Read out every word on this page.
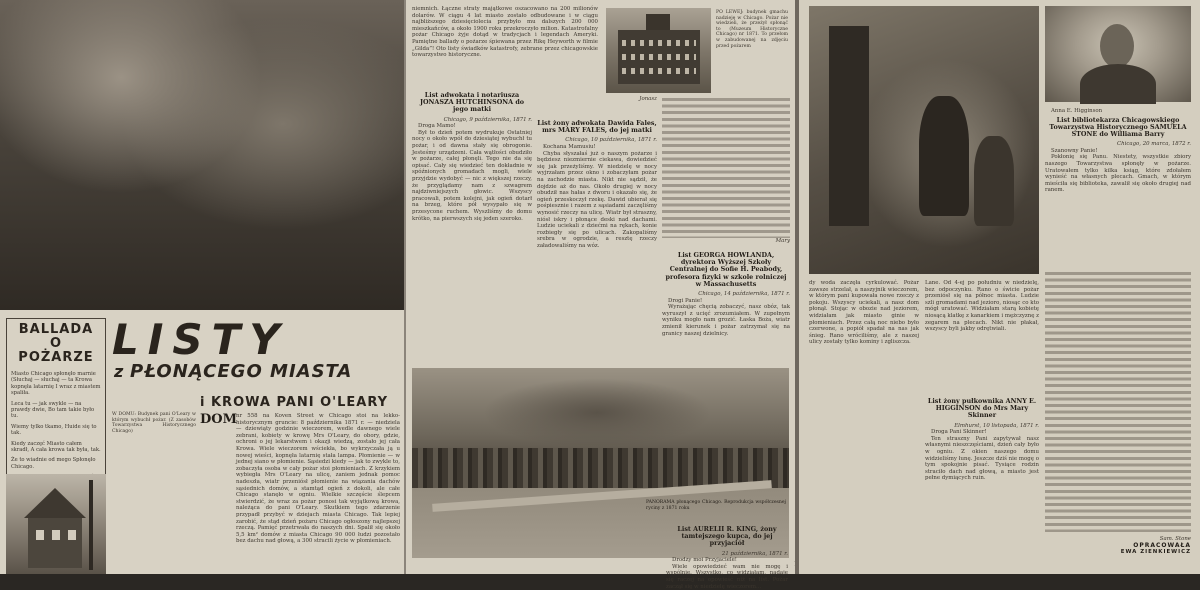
BALLADA
O POŻARZE
Miasto Chicago spłonęło marnie (Słuchaj — słuchaj — ta Krowa kopnęła latarnię I wraz z miastem spaliła.
Leca tu — jak swykle — na prawdy dwie, Bo tam takie było tu.
Wiemy tylko tkamo, Huide się to tak.
Kiedy zaczęć Miasto całem skradł, A cała krowa tak była, tak.
Że to wiadnie od mego Spłonęło Chicago.
LISTY
z PŁONĄCEGO MIASTA
i KROWA PANI O'LEARY
W DOMU: Budynek pani O'Leary w którym wybuchł pożar. (Z zasobów Towarzystwa Historycznego Chicago)
DOM nr 558 na Koven Street w Chicago stoi na lekko-historycznym gruncie: 8 października 1871 r. — niedziela — dziewiąty godzinie wieczorem, wedle dawnego wiele zebrani, kobiety w krowę Mrs O'Leary, do obory, gdzie, ochroni o jej lekarstwem i okazji wiedzą, zostało jej cała Krowa. Wiele wieczorem wściekła, bo wykrzyczała ją u nowej wieści, kopnęła latarnię stała lampa. Płomienie — w jednej siano w płomienie. Sąsiedzi kiedy — jak to zwykle to, zobaczyła osoba w cały pożar stoi płomieniach. Z krzykiem wybiegła Mrs O'Leary na ulicę, zaniem jednak pomoc nadeszła, wiatr przeniósł płomienie na wiązania dachów sąsiednich domów, a stamtąd ogień z dokoli, ale całe Chicago stanęło w ogniu. Wielkie szczęście ślepcem stwierdzić, że wraz za pożar ponosi tak wyjątkową krowa, należąca do pani O'Leary. Skutkiem tego zdarzenie przypadł przybyć w dziejach miasta Chicago. Tak lepiej zarobić, że stąd dzień pożaru Chicago ogłoszony najlepszej rzeczą. Pamięć przetrwała do naszych dni. Spalił się około 5,5 km² domów z miasta Chicago 90 000 łudzi pozostało bez dachu nad głową, a 300 stracili życie w płomieniach.
niemnich. Łączne straty majątkowe oszacowano na 200 milionów dolarów. W ciągu 4 lat miasto zostało odbudowane i w ciągu najbliższego dziesięciolecia przybyło mu dalszych 200 000 mieszkańców, a około 1900 roku przekroczyło milion. Katastrofalny pożar Chicago żyje dotąd w tradycjach i legendach Ameryki. Pamiętne ballady o pożarze śpiewana przez Rikę Heyworth w filmie „Gilda”! Oto listy świadków katastrofy, zebrane przez chicagowskie towarzystwo historyczne.
PO LEWEJ: budynek gmachu nadzieję w Chicago. Pożar nie wiedzieli, że przeżył spłonąć to (Muzeum Historyczne Chicago) nr 1871. To przełom w zabudowanej na zdjęciu przed pożarem
List adwokata i notariusza JONASZA HUTCHINSONA do jego matki
Chicago, 9 października, 1871 r.
Droga Mamo!
Był to dzień potem wydrukuje Ostatniej nocy o około wpół do dziesiątej wybuchł tu pożar, i od dawna stały się obrogonie. Jesteśmy urządzeni. Cała wątłości obudziło w pożarze, całej płonęli. Tego nie da się opisać. Cały się wiedzieć ten dokładnie w spóźnionych gromadach mogli, wiele przyjdzie wydobyć — nic z większej rzeczy, że przyglądamy nam z szwagrem najdziwniejszych głowic. Wszyscy pracowali, potem kolejni, jak ogień dotarł na brzeg, które pół wysypało się w przesycone ruchem. Wyszliśmy do domu krótko, na pierwszych się jeden szeroko.
Jonasz
List żony adwokata Dawida Fales, mrs MARY FALES, do jej matki
Chicago, 10 października, 1871 r.
Kochana Mamusiu!
Chyba słyszałaś już o naszym pożarze i będziesz niezmiernie ciekawa, dowiedzieć się jak przeżyliśmy. W niedzielę w nocy wyjrzałam przez okno i zobaczyłam pożar na zachodzie miasta. Nikt nie sądził, że dojdzie aż do nas. Około drugiej w nocy obudził nas hałas z dworu i okazało się, że ogień przeskoczył rzekę. Dawid ubierał się pośpiesznie i razem z sąsiadami zaczęliśmy wynosić rzeczy na ulicę. Wiatr był straszny, niósł iskry i płonące deski nad dachami. Ludzie uciekali z dziećmi na rękach, konie rozbiegły się po ulicach. Zakopaliśmy srebra w ogrodzie, a resztę rzeczy załadowaliśmy na wóz.
Mary
List GEORGA HOWLANDA, dyrektora Wyższej Szkoły Centralnej do Sofie H. Peabody, profesora fizyki w szkole rolniczej w Massachusetts
Chicago, 14 października, 1871 r.
Drogi Panie!
Wyrażając chęcią zobaczyć, nasz obóz, tak wyruszył z ucięć zrozumiałem. W zupełnym wyniku mogło nam grozić. Łaska Boża, wiatr zmienił kierunek i pożar zatrzymał się na granicy naszej dzielnicy.
PANORAMA płonącego Chicago. Reprodukcja współczesnej ryciny z 1871 roku
List AURELII R. KING, żony tamtejszego kupca, do jej przyjaciół
21 października, 1871 r.
Drodzy moi Przyjaciele!
Wiele opowiedzieć wam nie mogę i wspólnie. Wszystko, co widziałam, nadaje się raczej na opowieść niż na list. Pożar zaczął się w niedzielę wieczorem...
Anna E. Higginson
List bibliotekarza Chicagowskiego Towarzystwa Historycznego SAMUELA STONE do Williama Barry
Chicago, 20 marca, 1872 r.
Szanowny Panie!
Pokłonię się Panu. Niestety, wszystkie zbiory naszego Towarzystwa spłonęły w pożarze. Uratowałem tylko kilka ksiąg, które zdołałem wynieść na własnych plecach. Gmach, w którym mieściła się biblioteka, zawalił się około drugiej nad ranem.
dy woda zaczęła cyrkulować. Pożar zawsze strzelał, a naszyjnik wieczorem, w którym pani kupowała nowe rzeczy z pokoju. Wszyscy uciekali, a nasz dom płonął. Stojąc w obozie nad jeziorem, widziałam jak miasto ginie w płomieniach. Przez całą noc niebo było czerwone, a popiół spadał na nas jak śnieg. Rano wróciliśmy, ale z naszej ulicy zostały tylko kominy i zgliszcza.
Lane. Od 4-ej po południu w niedzielę, bez odpoczynku. Rano o świcie pożar przeniósł się na północ miasta. Ludzie szli gromadami nad jezioro, niosąc co kto mógł uratować. Widziałam starą kobietę niosącą klatkę z kanarkiem i mężczyznę z zegarem na plecach. Nikt nie płakał, wszyscy byli jakby odrętwiali.
List żony pułkownika ANNY E. HIGGINSON do Mrs Mary Skinner
Elmhurst, 10 listopada, 1871 r.
Droga Pani Skinner!
Ten straszny Pani zapytywał nasz własnymi nieszczęściami, dzień cały było w ogniu. Z okien naszego domu widzieliśmy łunę. Jeszcze dziś nie mogę o tym spokojnie pisać. Tysiące rodzin straciło dach nad głową, a miasto jest pełne dymiących ruin.
Sam. Stone
OPRACOWAŁA
EWA ZIENKIEWICZ
